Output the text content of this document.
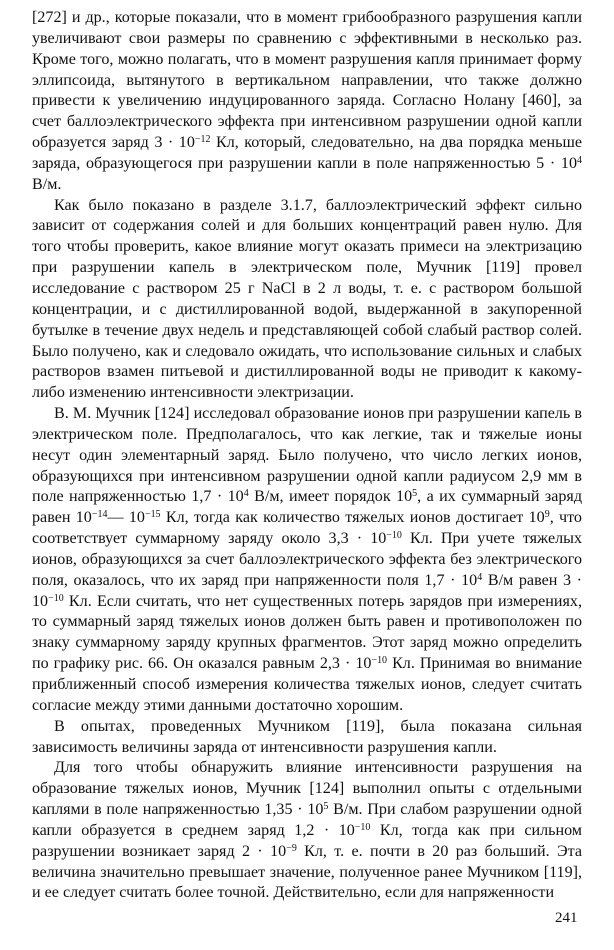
[272] и др., которые показали, что в момент грибообразного разрушения капли увеличивают свои размеры по сравнению с эффективными в несколько раз. Кроме того, можно полагать, что в момент разрушения капля принимает форму эллипсоида, вытянутого в вертикальном направлении, что также должно привести к увеличению индуцированного заряда. Согласно Нолану [460], за счет баллоэлектрического эффекта при интенсивном разрушении одной капли образуется заряд $3 \cdot 10^{-12}$ Кл, который, следовательно, на два порядка меньше заряда, образующегося при разрушении капли в поле напряженностью $5 \cdot 10^4$ В/м.

Как было показано в разделе 3.1.7, баллоэлектрический эффект сильно зависит от содержания солей и для больших концентраций равен нулю. Для того чтобы проверить, какое влияние могут оказать примеси на электризацию при разрушении капель в электрическом поле, Мучник [119] провел исследование с раствором 25 г NaCl в 2 л воды, т. е. с раствором большой концентрации, и с дистиллированной водой, выдержанной в закупоренной бутылке в течение двух недель и представляющей собой слабый раствор солей. Было получено, как и следовало ожидать, что использование сильных и слабых растворов взамен питьевой и дистиллированной воды не приводит к какому-либо изменению интенсивности электризации.

В. М. Мучник [124] исследовал образование ионов при разрушении капель в электрическом поле. Предполагалось, что как легкие, так и тяжелые ионы несут один элементарный заряд. Было получено, что число легких ионов, образующихся при интенсивном разрушении одной капли радиусом 2,9 мм в поле напряженностью $1,7 \cdot 10^4$ В/м, имеет порядок $10^5$, а их суммарный заряд равен $10^{-14}—$ $10^{-15}$ Кл, тогда как количество тяжелых ионов достигает $10^9$, что соответствует суммарному заряду около $3,3 \cdot 10^{-10}$ Кл. При учете тяжелых ионов, образующихся за счет баллоэлектрического эффекта без электрического поля, оказалось, что их заряд при напряженности поля $1,7 \cdot 10^4$ В/м равен $3 \cdot 10^{-10}$ Кл. Если считать, что нет существенных потерь зарядов при измерениях, то суммарный заряд тяжелых ионов должен быть равен и противоположен по знаку суммарному заряду крупных фрагментов. Этот заряд можно определить по графику рис. 66. Он оказался равным $2,3 \cdot 10^{-10}$ Кл. Принимая во внимание приближенный способ измерения количества тяжелых ионов, следует считать согласие между этими данными достаточно хорошим.

В опытах, проведенных Мучником [119], была показана сильная зависимость величины заряда от интенсивности разрушения капли.

Для того чтобы обнаружить влияние интенсивности разрушения на образование тяжелых ионов, Мучник [124] выполнил опыты с отдельными каплями в поле напряженностью $1,35 \cdot 10^5$ В/м. При слабом разрушении одной капли образуется в среднем заряд $1,2 \cdot 10^{-10}$ Кл, тогда как при сильном разрушении возникает заряд $2 \cdot 10^{-9}$ Кл, т. е. почти в 20 раз больший. Эта величина значительно превышает значение, полученное ранее Мучником [119], и ее следует считать более точной. Действительно, если для напряженности

241
